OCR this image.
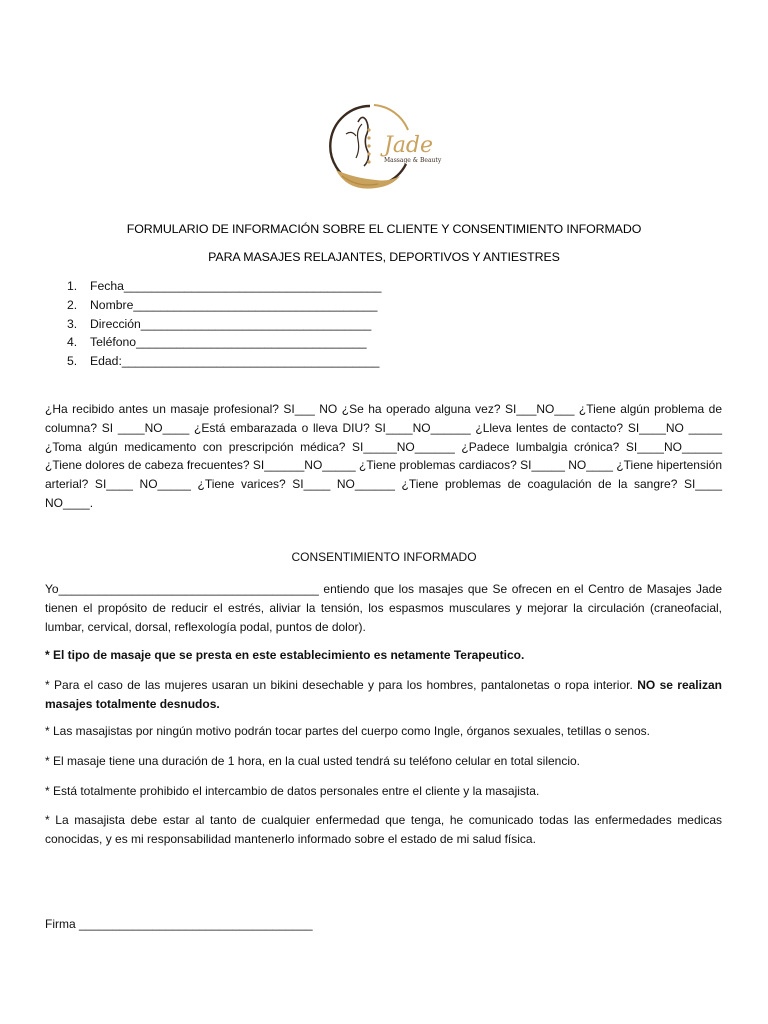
Jade
Massage & Beauty
FORMULARIO DE INFORMACIÓN SOBRE EL CLIENTE Y CONSENTIMIENTO INFORMADO
PARA MASAJES RELAJANTES, DEPORTIVOS Y ANTIESTRES
1. Fecha______________________________________
2. Nombre____________________________________
3. Dirección__________________________________
4. Teléfono__________________________________
5. Edad:______________________________________

¿Ha recibido antes un masaje profesional? SI___ NO ¿Se ha operado alguna vez? SI___NO___ ¿Tiene algún problema de columna? SI ____NO____ ¿Está embarazada o lleva DIU? SI____NO______ ¿Lleva lentes de contacto? SI____NO _____ ¿Toma algún medicamento con prescripción médica? SI_____NO______ ¿Padece lumbalgia crónica? SI____NO______ ¿Tiene dolores de cabeza frecuentes? SI______NO_____ ¿Tiene problemas cardiacos? SI_____ NO____ ¿Tiene hipertensión arterial? SI____ NO_____ ¿Tiene varices? SI____ NO______ ¿Tiene problemas de coagulación de la sangre? SI____ NO____.

CONSENTIMIENTO INFORMADO

Yo_______________________________________ entiendo que los masajes que Se ofrecen en el Centro de Masajes Jade tienen el propósito de reducir el estrés, aliviar la tensión, los espasmos musculares y mejorar la circulación (craneofacial, lumbar, cervical, dorsal, reflexología podal, puntos de dolor).

* El tipo de masaje que se presta en este establecimiento es netamente Terapeutico.

* Para el caso de las mujeres usaran un bikini desechable y para los hombres, pantalonetas o ropa interior. NO se realizan masajes totalmente desnudos.

* Las masajistas por ningún motivo podrán tocar partes del cuerpo como Ingle, órganos sexuales, tetillas o senos.

* El masaje tiene una duración de 1 hora, en la cual usted tendrá su teléfono celular en total silencio.

* Está totalmente prohibido el intercambio de datos personales entre el cliente y la masajista.

* La masajista debe estar al tanto de cualquier enfermedad que tenga, he comunicado todas las enfermedades medicas conocidas, y es mi responsabilidad mantenerlo informado sobre el estado de mi salud física.

Firma ___________________________________
